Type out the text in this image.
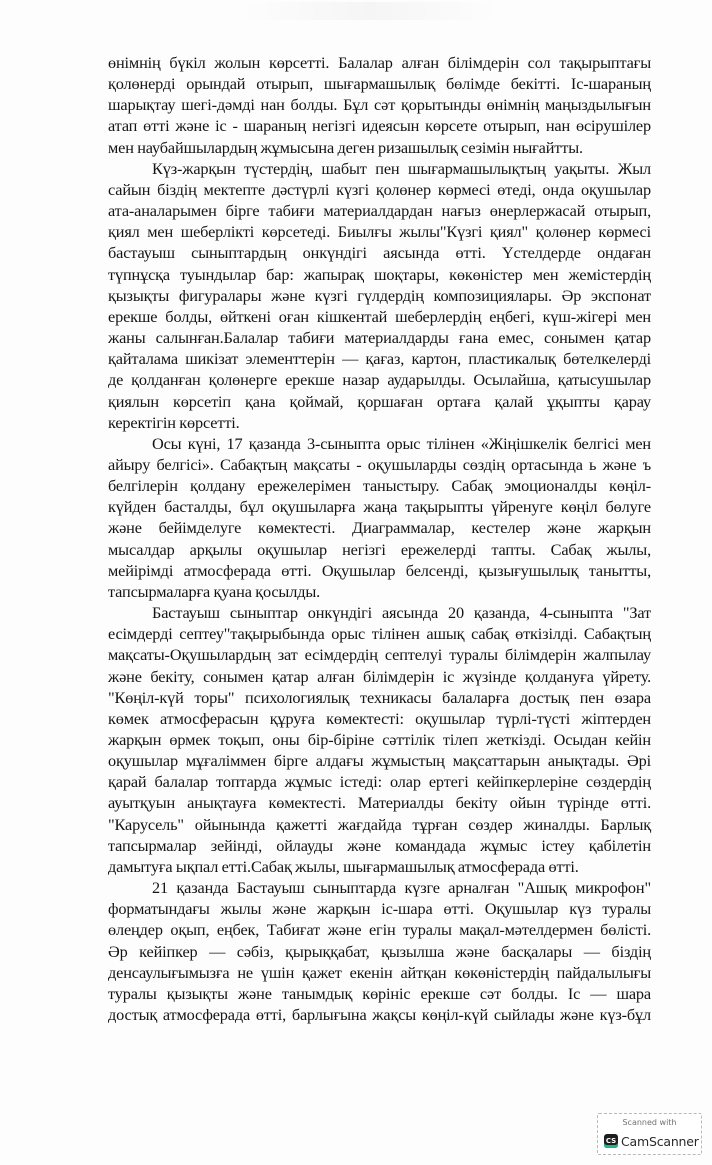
өнімнің бүкіл жолын көрсетті. Балалар алған білімдерін сол тақырыптағы
қолөнерді орындай отырып, шығармашылық бөлімде бекітті. Іс-шараның
шарықтау шегі-дәмді нан болды. Бұл сәт қорытынды өнімнің маңыздылығын
атап өтті және іс - шараның негізгі идеясын көрсете отырып, нан өсірушілер
мен наубайшылардың жұмысына деген ризашылық сезімін нығайтты.
Күз-жарқын түстердің, шабыт пен шығармашылықтың уақыты. Жыл
сайын біздің мектепте дәстүрлі күзгі қолөнер көрмесі өтеді, онда оқушылар
ата-аналарымен бірге табиғи материалдардан нағыз өнерлержасай отырып,
қиял мен шеберлікті көрсетеді. Биылғы жылы"Күзгі қиял" қолөнер көрмесі
бастауыш сыныптардың онкүндігі аясында өтті. Үстелдерде ондаған
түпнұсқа туындылар бар: жапырақ шоқтары, көкөністер мен жемістердің
қызықты фигуралары және күзгі гүлдердің композициялары. Әр экспонат
ерекше болды, өйткені оған кішкентай шеберлердің еңбегі, күш-жігері мен
жаны салынған.Балалар табиғи материалдарды ғана емес, сонымен қатар
қайталама шикізат элементтерін — қағаз, картон, пластикалық бөтелкелерді
де қолданған қолөнерге ерекше назар аударылды. Осылайша, қатысушылар
қиялын көрсетіп қана қоймай, қоршаған ортаға қалай ұқыпты қарау
керектігін көрсетті.
Осы күні, 17 қазанда 3-сыныпта орыс тілінен «Жіңішкелік белгісі мен
айыру белгісі». Сабақтың мақсаты - оқушыларды сөздің ортасында ь және ъ
белгілерін қолдану ережелерімен таныстыру. Сабақ эмоционалды көңіл-
күйден басталды, бұл оқушыларға жаңа тақырыпты үйренуге көңіл бөлуге
және бейімделуге көмектесті. Диаграммалар, кестелер және жарқын
мысалдар арқылы оқушылар негізгі ережелерді тапты. Сабақ жылы,
мейірімді атмосферада өтті. Оқушылар белсенді, қызығушылық танытты,
тапсырмаларға қуана қосылды.
Бастауыш сыныптар онкүндігі аясында 20 қазанда, 4-сыныпта "Зат
есімдерді септеу"тақырыбында орыс тілінен ашық сабақ өткізілді. Сабақтың
мақсаты-Оқушылардың зат есімдердің септелуі туралы білімдерін жалпылау
және бекіту, сонымен қатар алған білімдерін іс жүзінде қолдануға үйрету.
"Көңіл-күй торы" психологиялық техникасы балаларға достық пен өзара
көмек атмосферасын құруға көмектесті: оқушылар түрлі-түсті жіптерден
жарқын өрмек тоқып, оны бір-біріне сәттілік тілеп жеткізді. Осыдан кейін
оқушылар мұғаліммен бірге алдағы жұмыстың мақсаттарын анықтады. Әрі
қарай балалар топтарда жұмыс істеді: олар ертегі кейіпкерлеріне сөздердің
ауытқуын анықтауға көмектесті. Материалды бекіту ойын түрінде өтті.
"Карусель" ойынында қажетті жағдайда тұрған сөздер жиналды. Барлық
тапсырмалар зейінді, ойлауды және командада жұмыс істеу қабілетін
дамытуға ықпал етті.Сабақ жылы, шығармашылық атмосферада өтті.
21 қазанда Бастауыш сыныптарда күзге арналған "Ашық микрофон"
форматындағы жылы және жарқын іс-шара өтті. Оқушылар күз туралы
өлеңдер оқып, еңбек, Табиғат және егін туралы мақал-мәтелдермен бөлісті.
Әр кейіпкер — сәбіз, қырыққабат, қызылша және басқалары — біздің
денсаулығымызға не үшін қажет екенін айтқан көкөністердің пайдалылығы
туралы қызықты және танымдық көрініс ерекше сәт болды. Іс — шара
достық атмосферада өтті, барлығына жақсы көңіл-күй сыйлады және күз-бұл
Scanned with
CS CamScanner
